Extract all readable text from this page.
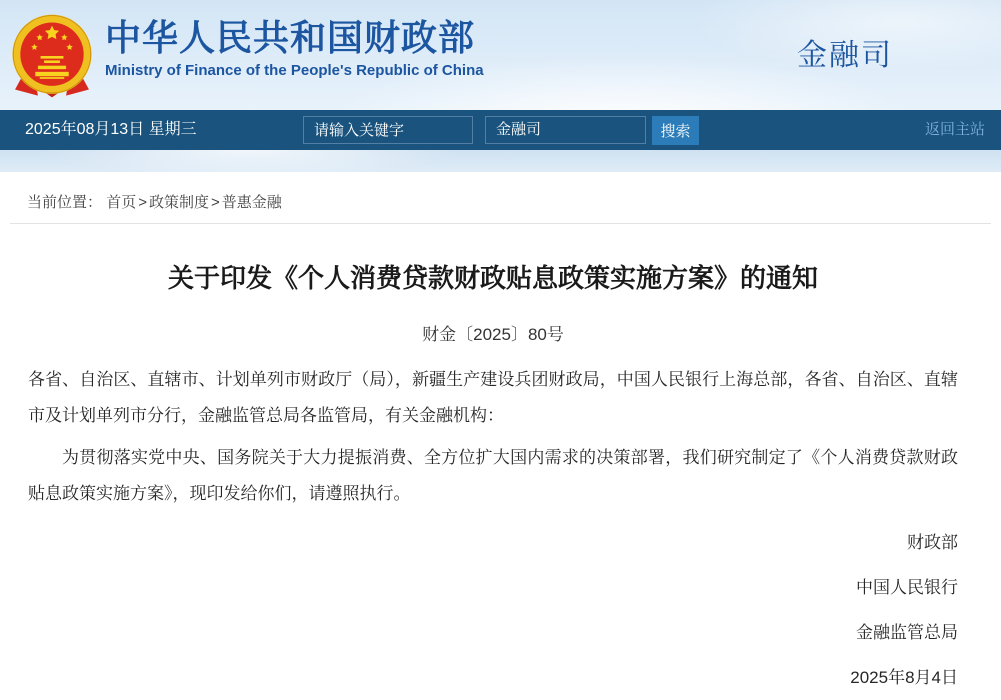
中华人民共和国财政部
Ministry of Finance of the People's Republic of China	金融司
2025年08月13日 星期三
请输入关键字	金融司	搜索	返回主站
当前位置： 首页 > 政策制度 > 普惠金融
关于印发《个人消费贷款财政贴息政策实施方案》的通知
财金〔2025〕80号

各省、自治区、直辖市、计划单列市财政厅（局），新疆生产建设兵团财政局，中国人民银行上海总部，各省、自治区、直辖市及计划单列市分行，金融监管总局各监管局，有关金融机构：

为贯彻落实党中央、国务院关于大力提振消费、全方位扩大国内需求的决策部署，我们研究制定了《个人消费贷款财政贴息政策实施方案》，现印发给你们，请遵照执行。

财政部
中国人民银行
金融监管总局
2025年8月4日
